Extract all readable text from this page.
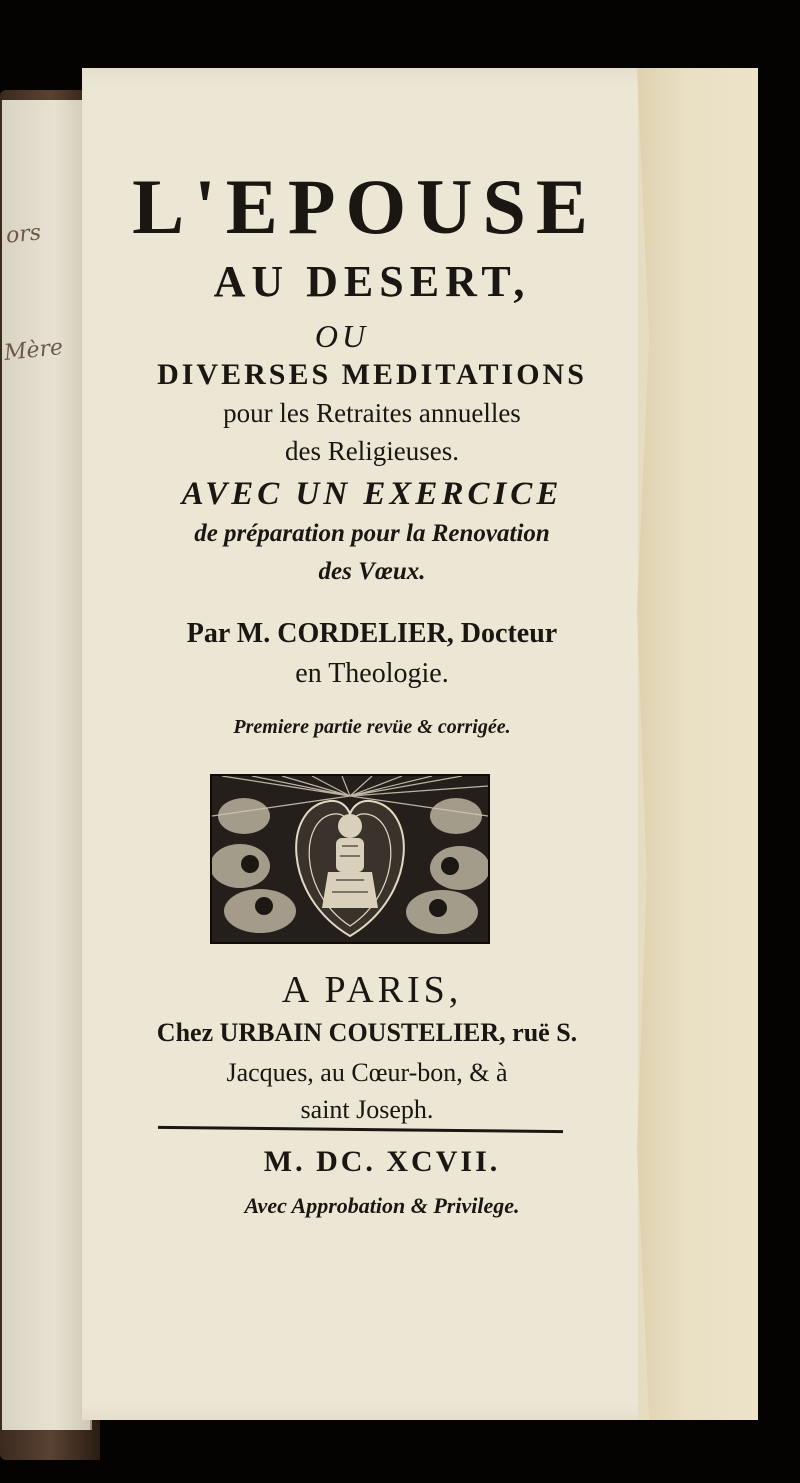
ors
Mère
L'EPOUSE
AU DESERT,
OU
DIVERSES MEDITATIONS
pour les Retraites annuelles
des Religieuses.
AVEC UN EXERCICE
de préparation pour la Renovation
des Vœux.
Par M. CORDELIER, Docteur
en Theologie.
Premiere partie revüe & corrigée.
A PARIS,
Chez URBAIN COUSTELIER, ruë S.
Jacques, au Cœur-bon, & à
saint Joseph.
M. DC. XCVII.
Avec Approbation & Privilege.
